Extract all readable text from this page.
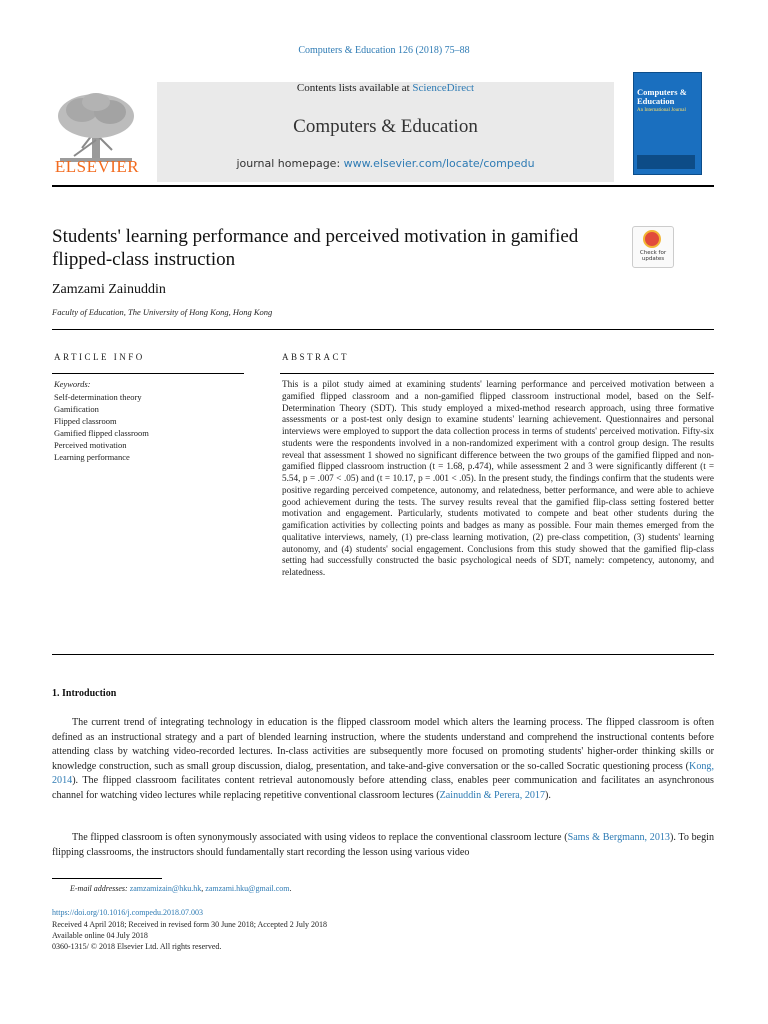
Computers & Education 126 (2018) 75–88
ELSEVIER
Contents lists available at ScienceDirect
Computers & Education
journal homepage: www.elsevier.com/locate/compedu
Computers & Education
An International Journal
Students' learning performance and perceived motivation in gamified flipped-class instruction	Check for updates
Zamzami Zainuddin
Faculty of Education, The University of Hong Kong, Hong Kong
ARTICLE INFO
Keywords:
Self-determination theory
Gamification
Flipped classroom
Gamified flipped classroom
Perceived motivation
Learning performance
ABSTRACT
This is a pilot study aimed at examining students' learning performance and perceived motivation between a gamified flipped classroom and a non-gamified flipped classroom instructional model, based on the Self-Determination Theory (SDT). This study employed a mixed-method research approach, using three formative assessments or a post-test only design to examine students' learning achievement. Questionnaires and personal interviews were employed to support the data collection process in terms of students' perceived motivation. Fifty-six students were the respondents involved in a non-randomized experiment with a control group design. The results reveal that assessment 1 showed no significant difference between the two groups of the gamified flipped and non-gamified flipped classroom instruction (t = 1.68, p.474), while assessment 2 and 3 were significantly different (t = 5.54, p = .007 < .05) and (t = 10.17, p = .001 < .05). In the present study, the findings confirm that the students were positive regarding perceived competence, autonomy, and relatedness, better performance, and were able to achieve good achievement during the tests. The survey results reveal that the gamified flip-class setting fostered better motivation and engagement. Particularly, students motivated to compete and beat other students during the gamification activities by collecting points and badges as many as possible. Four main themes emerged from the qualitative interviews, namely, (1) pre-class learning motivation, (2) pre-class competition, (3) students' learning autonomy, and (4) students' social engagement. Conclusions from this study showed that the gamified flip-class setting had successfully constructed the basic psychological needs of SDT, namely: competency, autonomy, and relatedness.
1. Introduction
The current trend of integrating technology in education is the flipped classroom model which alters the learning process. The flipped classroom is often defined as an instructional strategy and a part of blended learning instruction, where the students understand and comprehend the instructional contents before attending class by watching video-recorded lectures. In-class activities are subsequently more focused on promoting students' higher-order thinking skills or knowledge construction, such as small group discussion, dialog, presentation, and take-and-give conversation or the so-called Socratic questioning process (Kong, 2014). The flipped classroom facilitates content retrieval autonomously before attending class, enables peer communication and facilitates an asynchronous channel for watching video lectures while replacing repetitive conventional classroom lectures (Zainuddin & Perera, 2017).
The flipped classroom is often synonymously associated with using videos to replace the conventional classroom lecture (Sams & Bergmann, 2013). To begin flipping classrooms, the instructors should fundamentally start recording the lesson using various video
E-mail addresses: zamzamizain@hku.hk, zamzami.hku@gmail.com.
https://doi.org/10.1016/j.compedu.2018.07.003
Received 4 April 2018; Received in revised form 30 June 2018; Accepted 2 July 2018
Available online 04 July 2018
0360-1315/ © 2018 Elsevier Ltd. All rights reserved.
